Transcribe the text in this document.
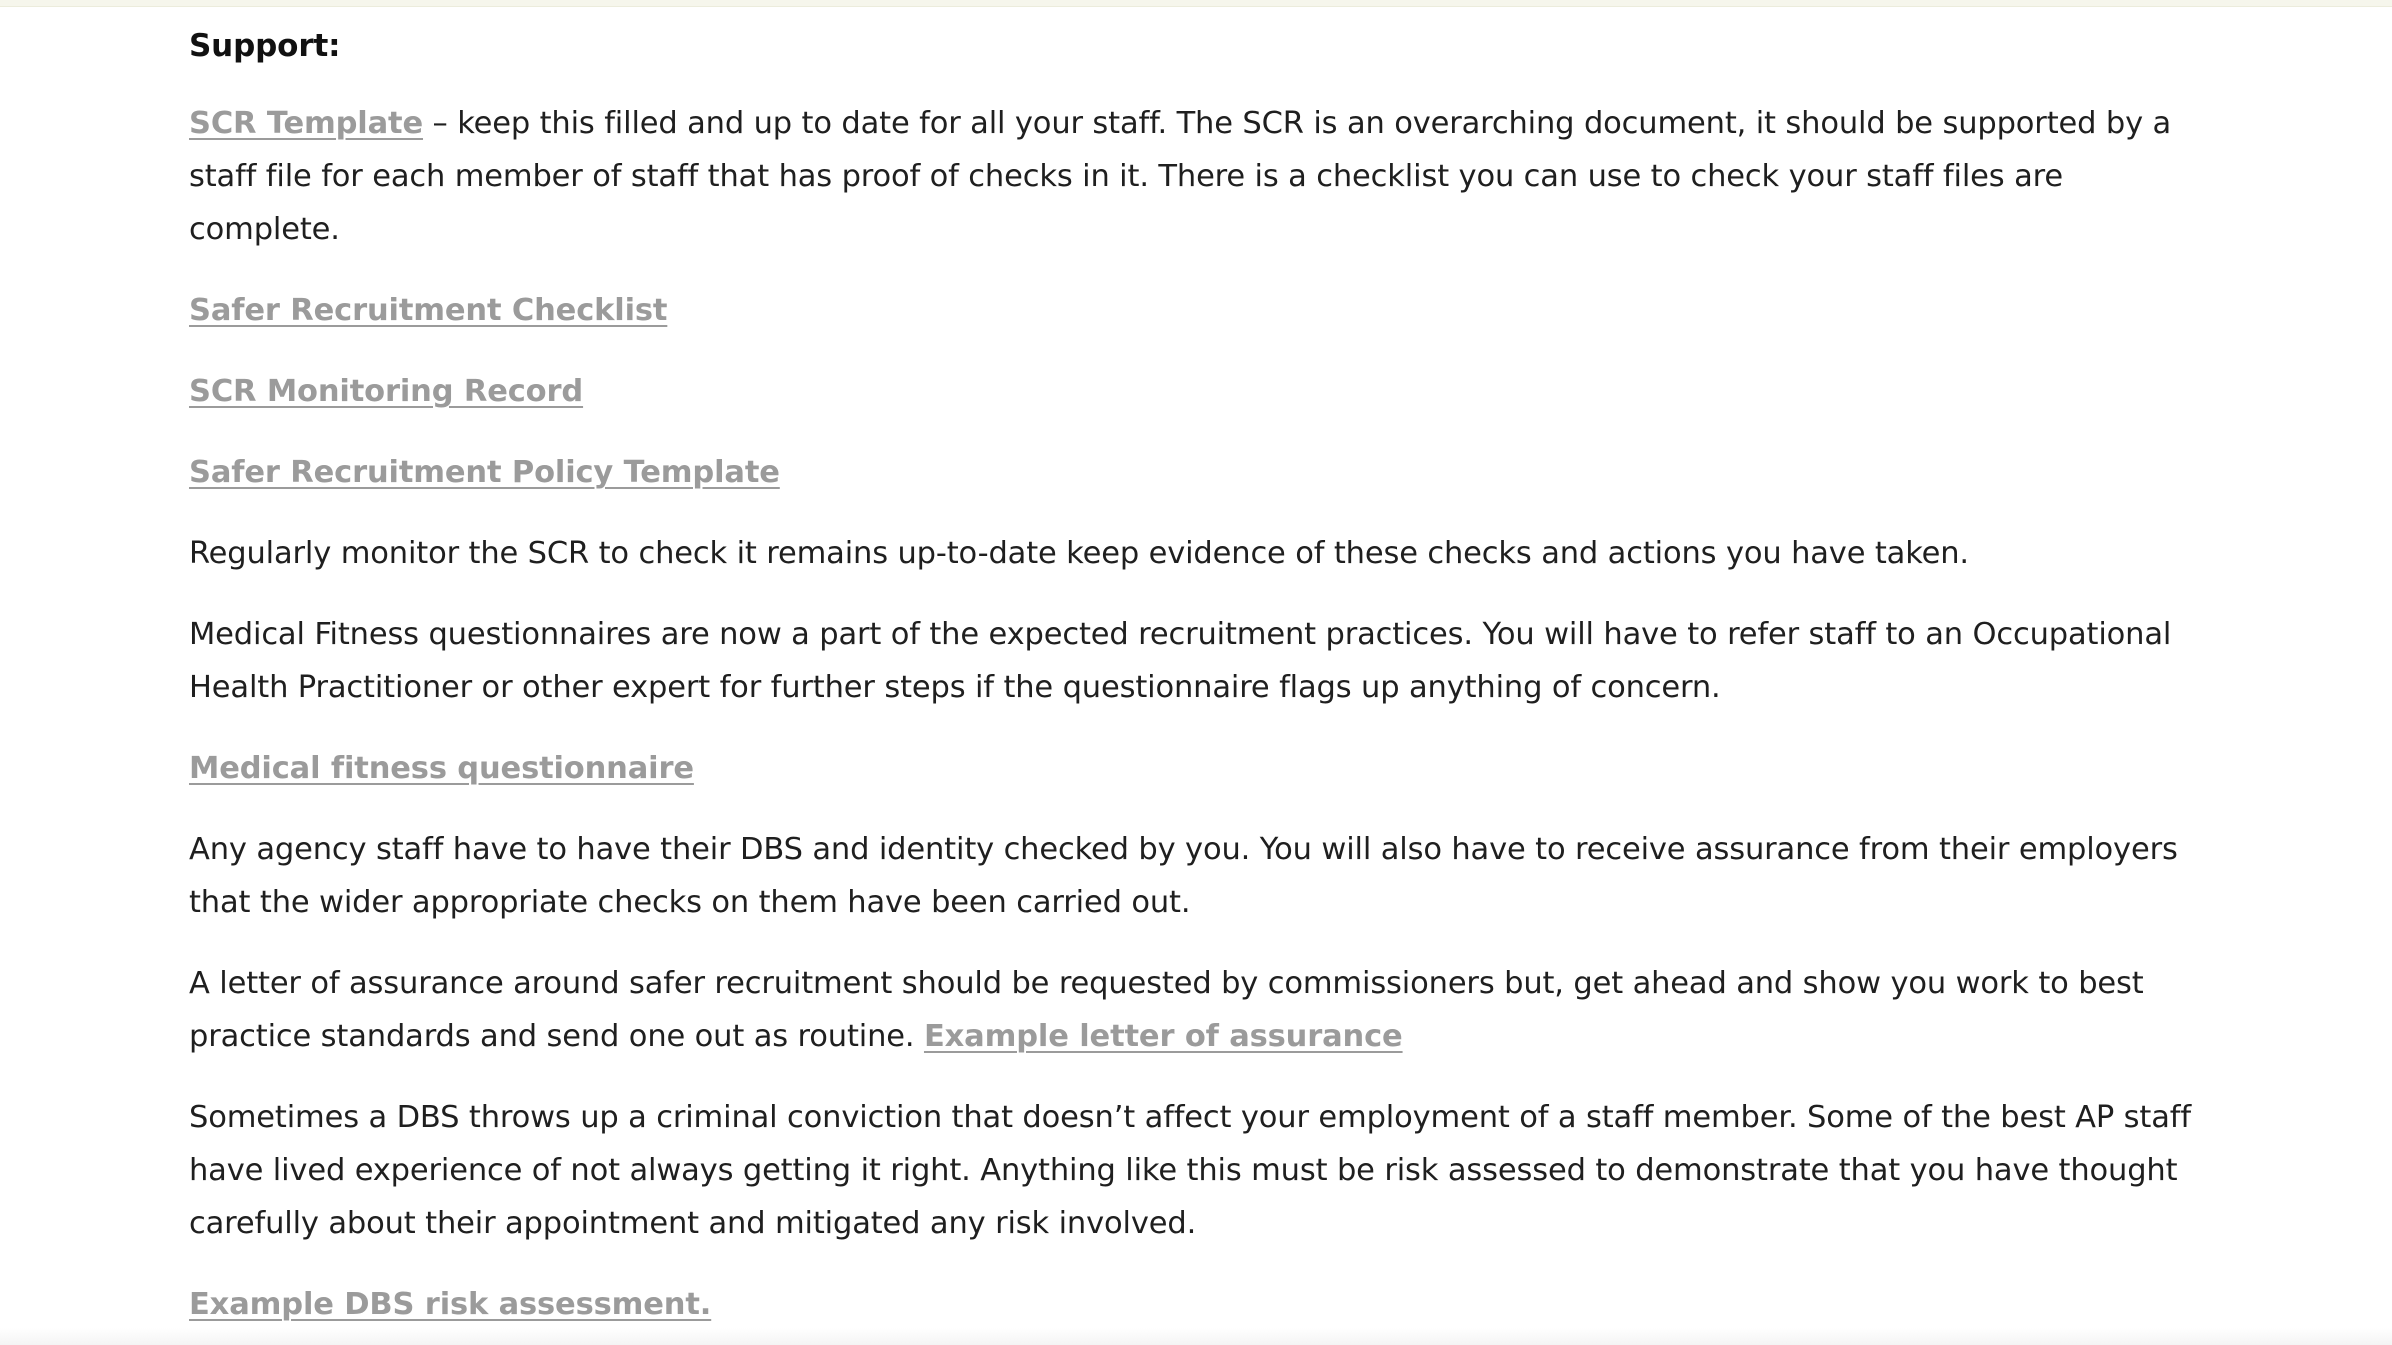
Support:

SCR Template – keep this filled and up to date for all your staff. The SCR is an overarching document, it should be supported by a staff file for each member of staff that has proof of checks in it. There is a checklist you can use to check your staff files are complete.

Safer Recruitment Checklist

SCR Monitoring Record

Safer Recruitment Policy Template

Regularly monitor the SCR to check it remains up-to-date keep evidence of these checks and actions you have taken.

Medical Fitness questionnaires are now a part of the expected recruitment practices. You will have to refer staff to an Occupational Health Practitioner or other expert for further steps if the questionnaire flags up anything of concern.

Medical fitness questionnaire

Any agency staff have to have their DBS and identity checked by you. You will also have to receive assurance from their employers that the wider appropriate checks on them have been carried out.

A letter of assurance around safer recruitment should be requested by commissioners but, get ahead and show you work to best practice standards and send one out as routine. Example letter of assurance

Sometimes a DBS throws up a criminal conviction that doesn’t affect your employment of a staff member. Some of the best AP staff have lived experience of not always getting it right. Anything like this must be risk assessed to demonstrate that you have thought carefully about their appointment and mitigated any risk involved.

Example DBS risk assessment.
